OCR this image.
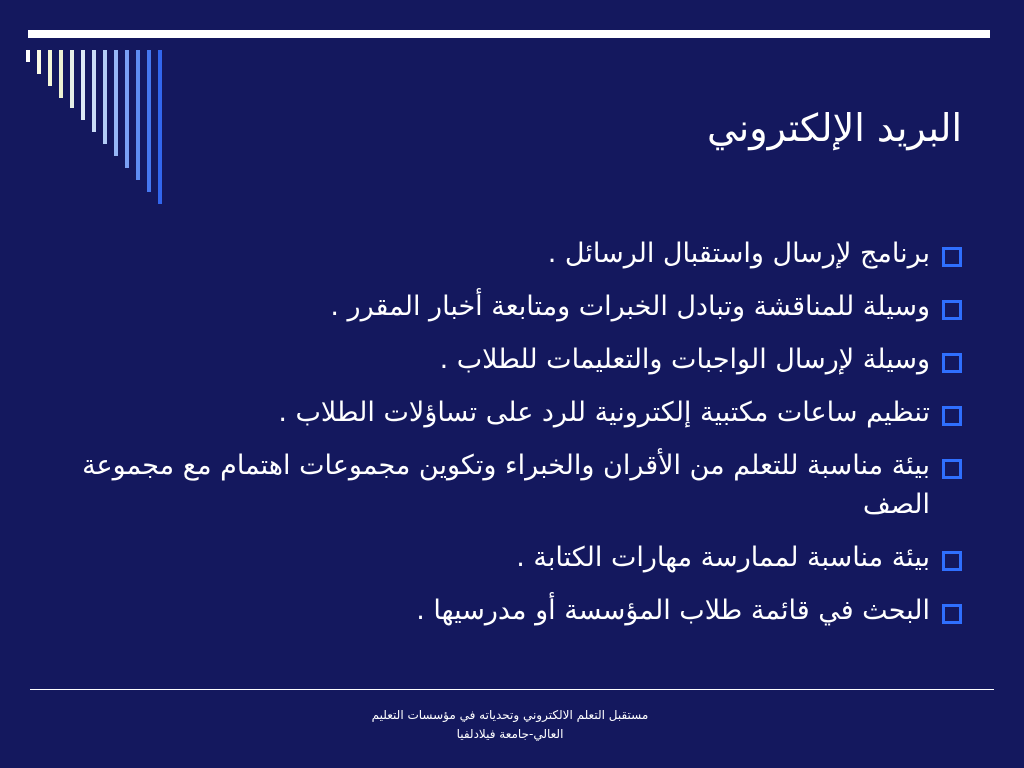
البريد الإلكتروني
برنامج لإرسال واستقبال الرسائل .
وسيلة للمناقشة وتبادل الخبرات ومتابعة أخبار المقرر .
وسيلة لإرسال الواجبات والتعليمات للطلاب .
تنظيم ساعات مكتبية إلكترونية للرد على تساؤلات الطلاب .
بيئة مناسبة للتعلم من الأقران والخبراء وتكوين مجموعات اهتمام مع مجموعة الصف
بيئة مناسبة لممارسة مهارات الكتابة .
البحث في قائمة طلاب المؤسسة أو مدرسيها .
مستقبل التعلم الالكتروني وتحدياته في مؤسسات التعليم
العالي-جامعة فيلادلفيا
